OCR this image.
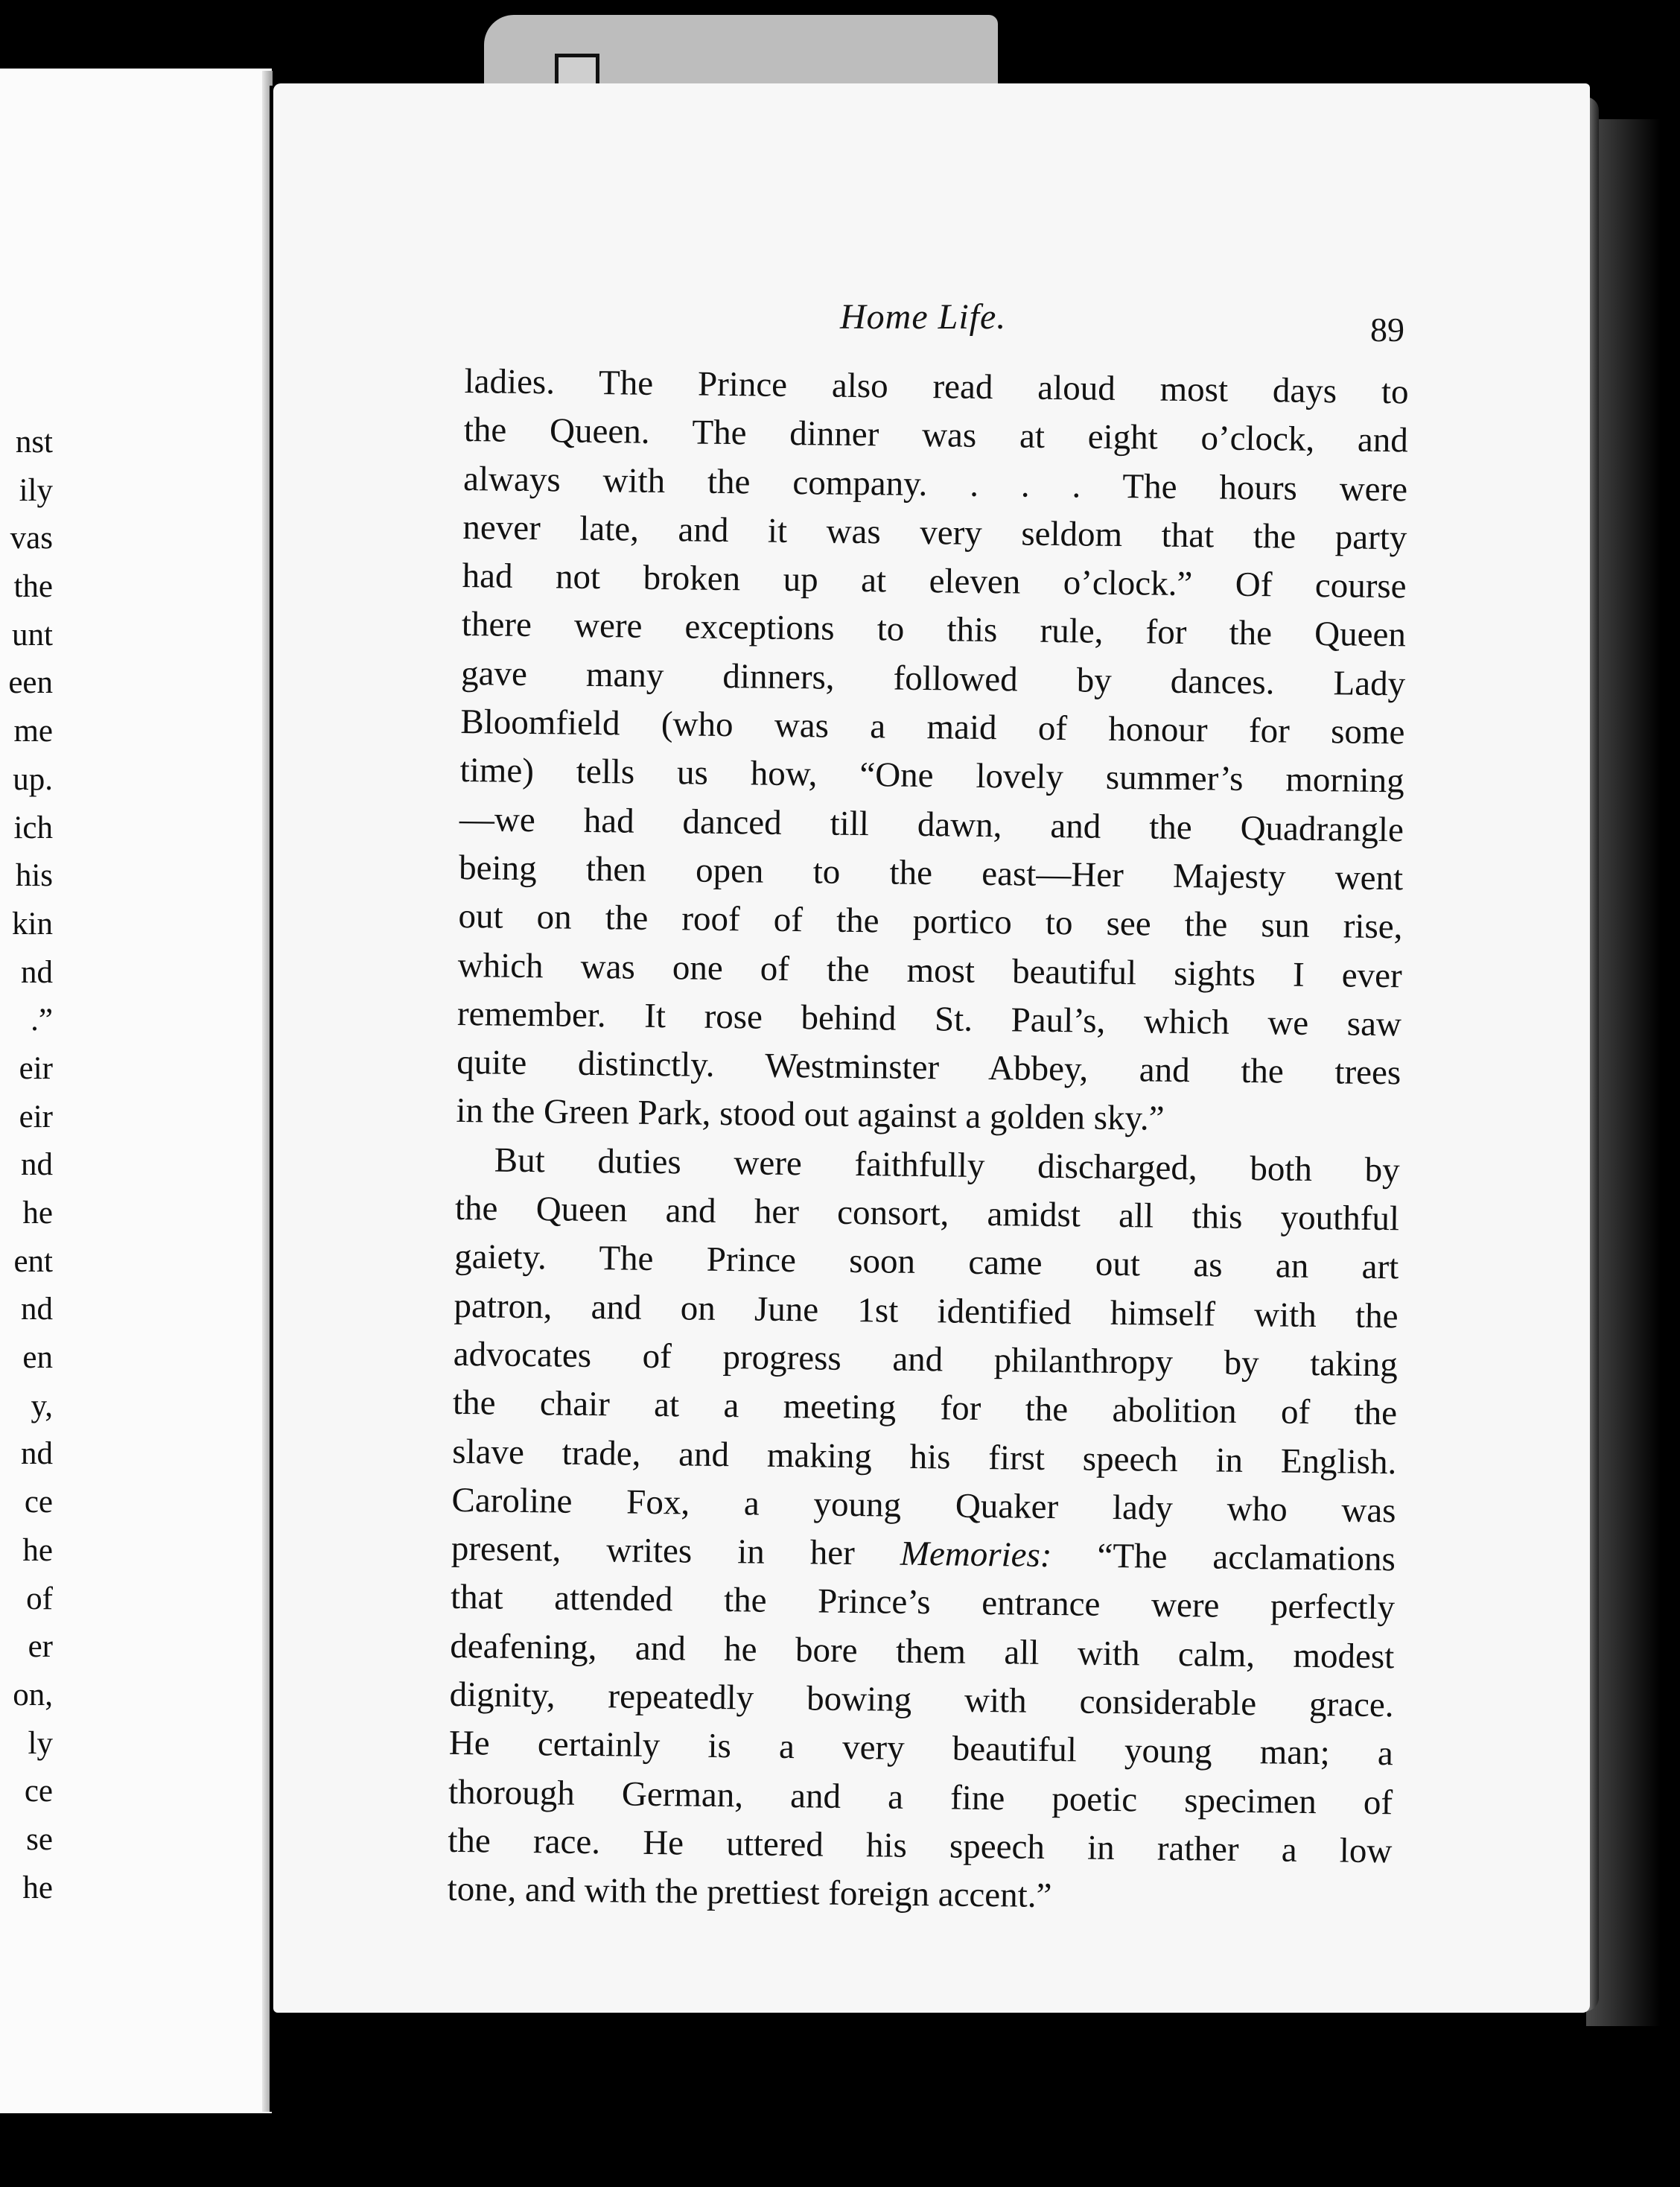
nst
ily
vas
the
unt
een
me
up.
ich
his
kin
nd
.”
eir
eir
nd
he
ent
nd
en
y,
nd
ce
he
of
er
on,
ly
ce
se
he
Home Life.	89
ladies. The Prince also read aloud most days to
the Queen. The dinner was at eight o’clock, and
always with the company. . . . The hours were
never late, and it was very seldom that the party
had not broken up at eleven o’clock.” Of course
there were exceptions to this rule, for the Queen
gave many dinners, followed by dances. Lady
Bloomfield (who was a maid of honour for some
time) tells us how, “One lovely summer’s morning
—we had danced till dawn, and the Quadrangle
being then open to the east—Her Majesty went
out on the roof of the portico to see the sun rise,
which was one of the most beautiful sights I ever
remember. It rose behind St. Paul’s, which we saw
quite distinctly. Westminster Abbey, and the trees
in the Green Park, stood out against a golden sky.”
But duties were faithfully discharged, both by
the Queen and her consort, amidst all this youthful
gaiety. The Prince soon came out as an art
patron, and on June 1st identified himself with the
advocates of progress and philanthropy by taking
the chair at a meeting for the abolition of the
slave trade, and making his first speech in English.
Caroline Fox, a young Quaker lady who was
present, writes in her Memories: “The acclamations
that attended the Prince’s entrance were perfectly
deafening, and he bore them all with calm, modest
dignity, repeatedly bowing with considerable grace.
He certainly is a very beautiful young man; a
thorough German, and a fine poetic specimen of
the race. He uttered his speech in rather a low
tone, and with the prettiest foreign accent.”
